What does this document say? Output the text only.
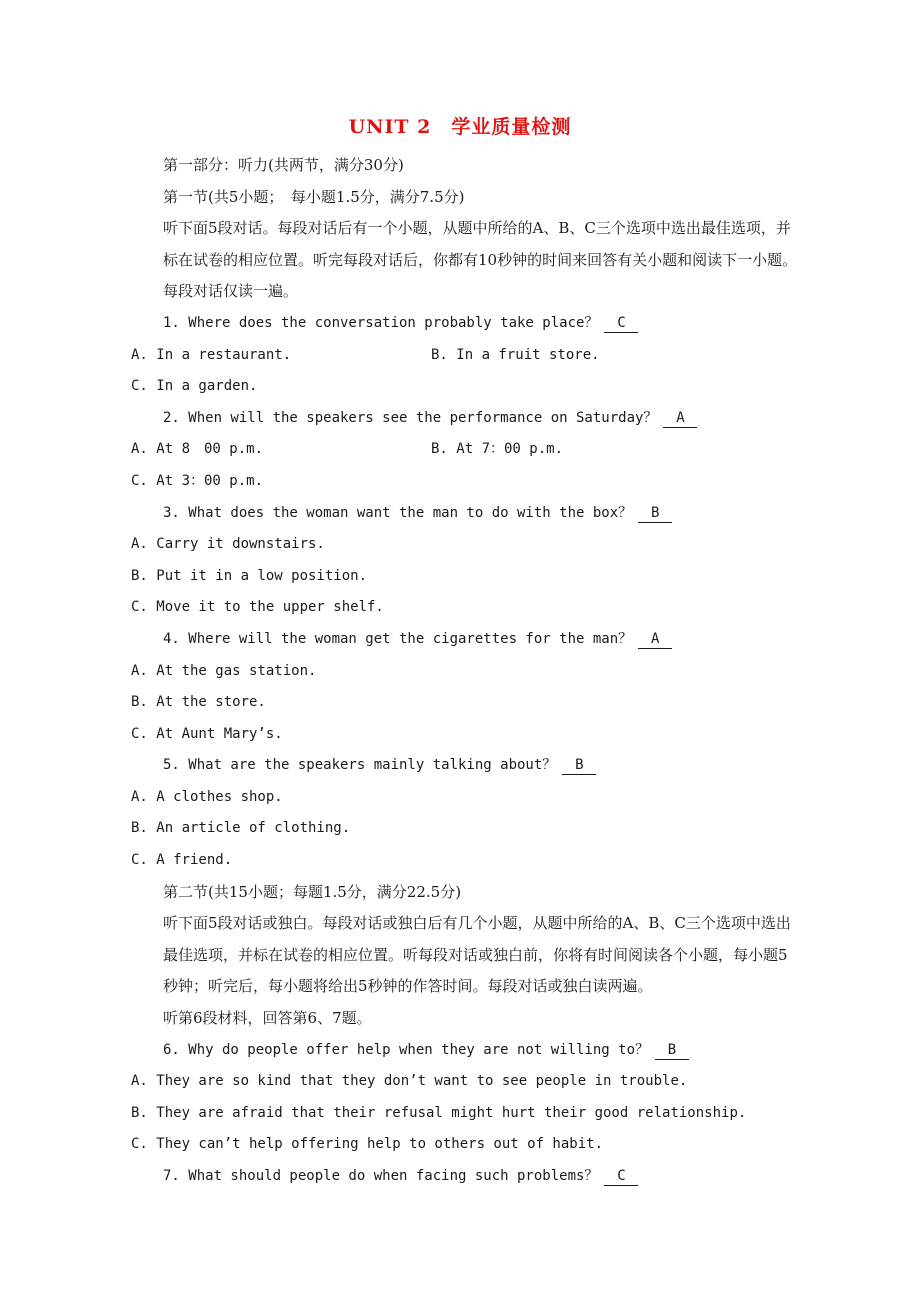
UNIT 2　学业质量检测
第一部分：听力(共两节，满分30分)
第一节(共5小题；　每小题1.5分，满分7.5分)
听下面5段对话。每段对话后有一个小题，从题中所给的A、B、C三个选项中选出最佳选项，并标在试卷的相应位置。听完每段对话后，你都有10秒钟的时间来回答有关小题和阅读下一小题。每段对话仅读一遍。
1. Where does the conversation probably take place？ C
A. In a restaurant.	B. In a fruit store.
C. In a garden.
2. When will the speakers see the performance on Saturday？ A
A. At 8　00 p.m.	B. At 7：00 p.m.
C. At 3：00 p.m.
3. What does the woman want the man to do with the box？ B
A. Carry it downstairs.
B. Put it in a low position.
C. Move it to the upper shelf.
4. Where will the woman get the cigarettes for the man？ A
A. At the gas station.
B. At the store.
C. At Aunt Mary’s.
5. What are the speakers mainly talking about？ B
A. A clothes shop.
B. An article of clothing.
C. A friend.
第二节(共15小题；每题1.5分，满分22.5分)
听下面5段对话或独白。每段对话或独白后有几个小题，从题中所给的A、B、C三个选项中选出最佳选项，并标在试卷的相应位置。听每段对话或独白前，你将有时间阅读各个小题，每小题5秒钟；听完后，每小题将给出5秒钟的作答时间。每段对话或独白读两遍。
听第6段材料，回答第6、7题。
6. Why do people offer help when they are not willing to？ B
A. They are so kind that they don’t want to see people in trouble.
B. They are afraid that their refusal might hurt their good relationship.
C. They can’t help offering help to others out of habit.
7. What should people do when facing such problems？ C
